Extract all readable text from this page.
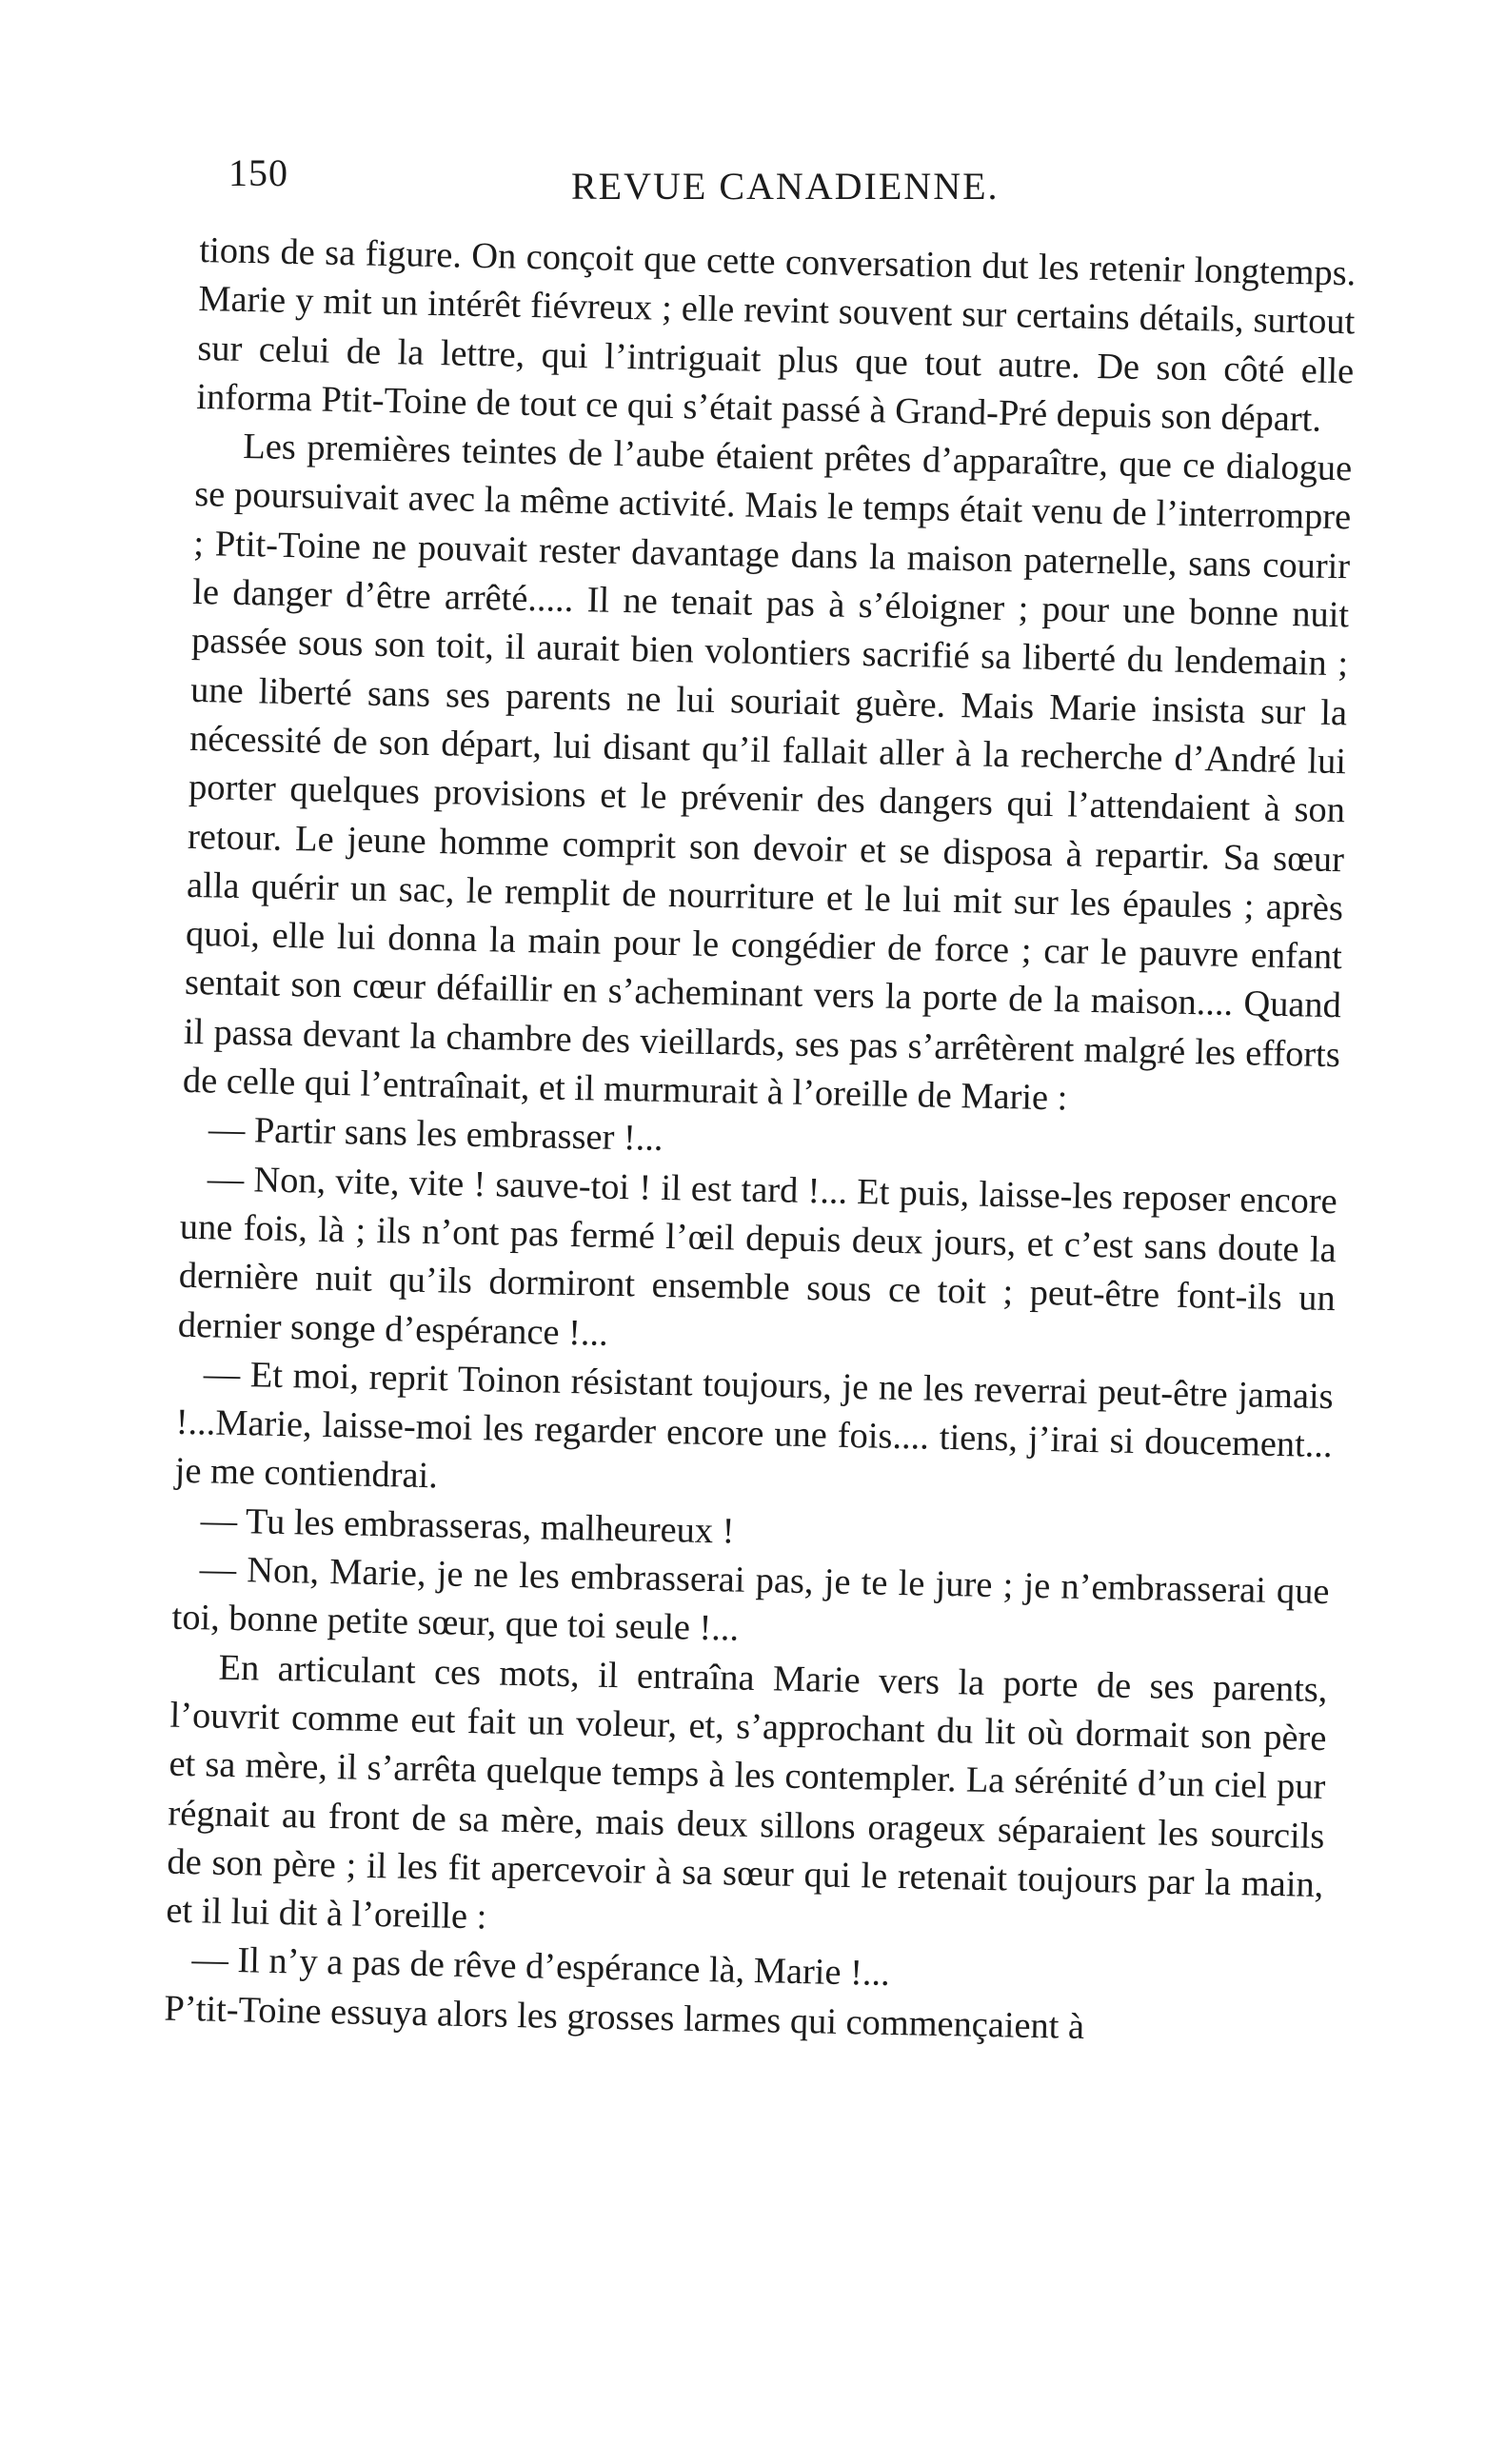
150	REVUE CANADIENNE.

tions de sa figure. On conçoit que cette conversation dut les retenir longtemps. Marie y mit un intérêt fiévreux ; elle revint souvent sur certains détails, surtout sur celui de la lettre, qui l’intriguait plus que tout autre. De son côté elle informa Ptit-Toine de tout ce qui s’était passé à Grand-Pré depuis son départ.

Les premières teintes de l’aube étaient prêtes d’apparaître, que ce dialogue se poursuivait avec la même activité. Mais le temps était venu de l’interrompre ; Ptit-Toine ne pouvait rester davantage dans la maison paternelle, sans courir le danger d’être arrêté..... Il ne tenait pas à s’éloigner ; pour une bonne nuit passée sous son toit, il aurait bien volontiers sacrifié sa liberté du lendemain ; une liberté sans ses parents ne lui souriait guère. Mais Marie insista sur la nécessité de son départ, lui disant qu’il fallait aller à la recherche d’André lui porter quelques provisions et le prévenir des dangers qui l’attendaient à son retour. Le jeune homme comprit son devoir et se disposa à repartir. Sa sœur alla quérir un sac, le remplit de nourriture et le lui mit sur les épaules ; après quoi, elle lui donna la main pour le congédier de force ; car le pauvre enfant sentait son cœur défaillir en s’acheminant vers la porte de la maison.... Quand il passa devant la chambre des vieillards, ses pas s’arrêtèrent malgré les efforts de celle qui l’entraînait, et il murmurait à l’oreille de Marie :

— Partir sans les embrasser !...

— Non, vite, vite ! sauve-toi ! il est tard !... Et puis, laisse-les reposer encore une fois, là ; ils n’ont pas fermé l’œil depuis deux jours, et c’est sans doute la dernière nuit qu’ils dormiront ensemble sous ce toit ; peut-être font-ils un dernier songe d’espérance !...

— Et moi, reprit Toinon résistant toujours, je ne les reverrai peut-être jamais !...Marie, laisse-moi les regarder encore une fois.... tiens, j’irai si doucement... je me contiendrai.

— Tu les embrasseras, malheureux !

— Non, Marie, je ne les embrasserai pas, je te le jure ; je n’embrasserai que toi, bonne petite sœur, que toi seule !...

En articulant ces mots, il entraîna Marie vers la porte de ses parents, l’ouvrit comme eut fait un voleur, et, s’approchant du lit où dormait son père et sa mère, il s’arrêta quelque temps à les contempler. La sérénité d’un ciel pur régnait au front de sa mère, mais deux sillons orageux séparaient les sourcils de son père ; il les fit apercevoir à sa sœur qui le retenait toujours par la main, et il lui dit à l’oreille :

— Il n’y a pas de rêve d’espérance là, Marie !...

P’tit-Toine essuya alors les grosses larmes qui commençaient à
